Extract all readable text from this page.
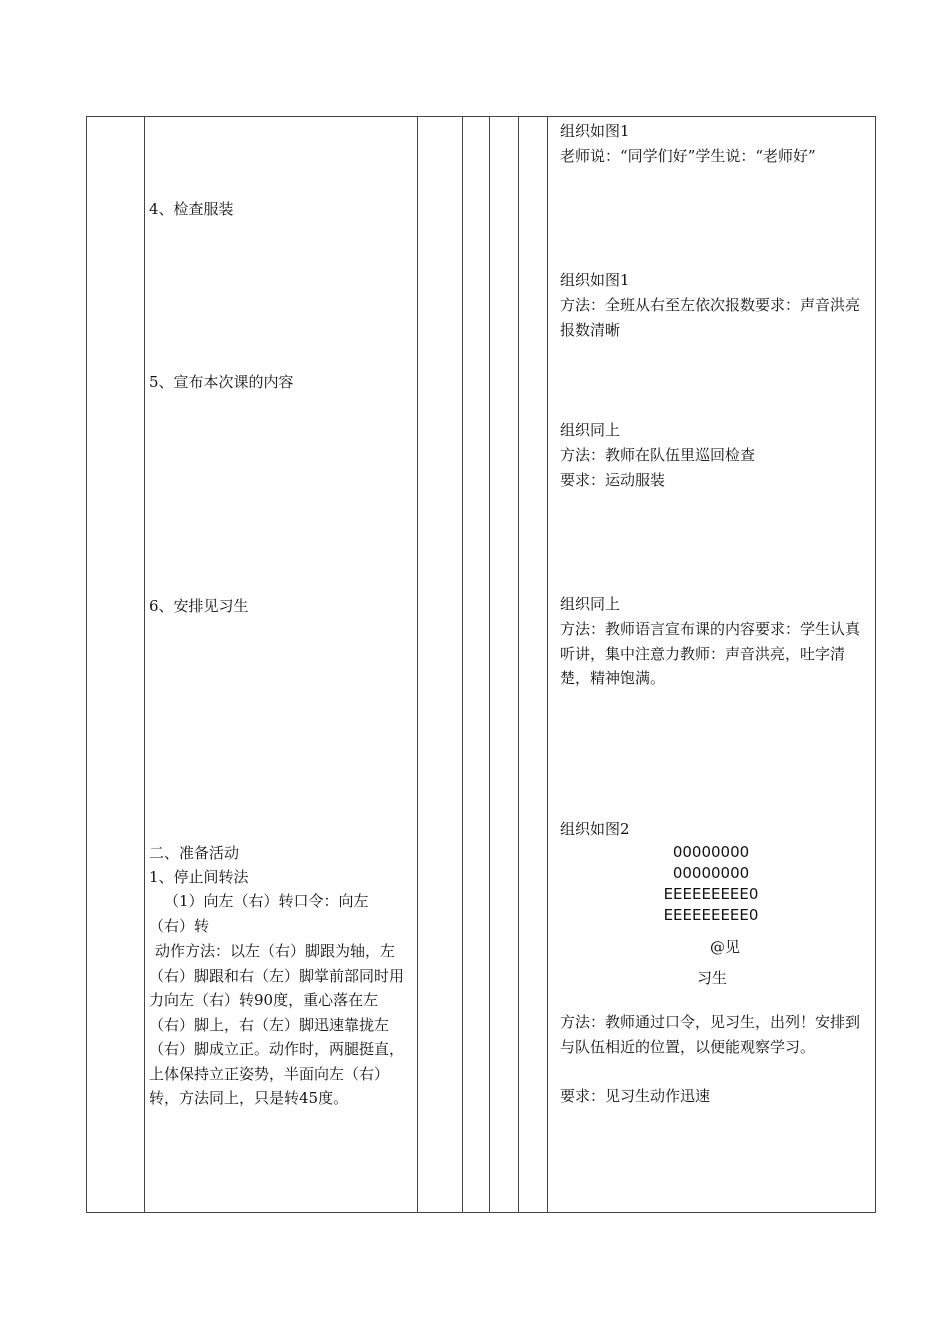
4、检查服装
5、宣布本次课的内容
6、安排见习生
二、准备活动
1、停止间转法
（1）向左（右）转口令：向左（右）转
动作方法：以左（右）脚跟为轴，左（右）脚跟和右（左）脚掌前部同时用力向左（右）转90度，重心落在左（右）脚上，右（左）脚迅速靠拢左（右）脚成立正。动作时，两腿挺直，上体保持立正姿势，半面向左（右）转，方法同上，只是转45度。
组织如图1
老师说：“同学们好”学生说：“老师好”
组织如图1
方法：全班从右至左依次报数要求：声音洪亮报数清晰
组织同上
方法：教师在队伍里巡回检查
要求：运动服装
组织同上
方法：教师语言宣布课的内容要求：学生认真听讲，集中注意力教师：声音洪亮，吐字清楚，精神饱满。
组织如图2
00000000
00000000
EEEEEEEEE0
EEEEEEEEE0
@见
习生
方法：教师通过口令，见习生，出列！安排到与队伍相近的位置，以便能观察学习。
要求：见习生动作迅速
